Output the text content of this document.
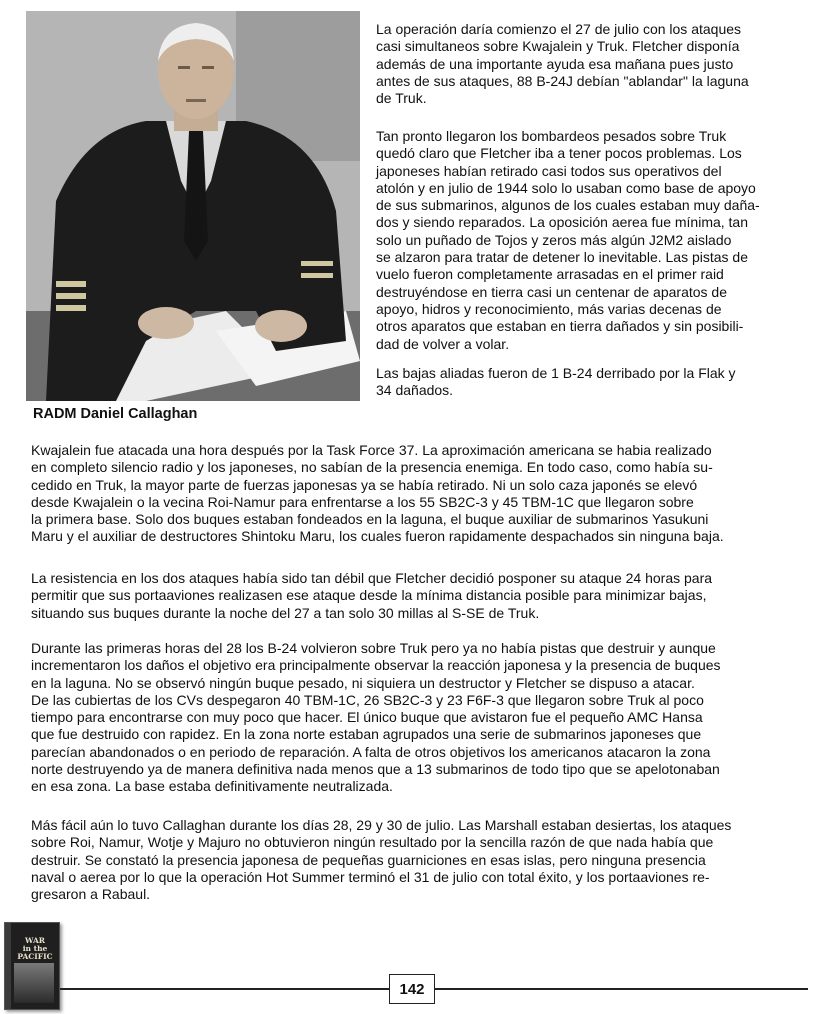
RADM Daniel Callaghan

La operación daría comienzo el 27 de julio con los ataques
casi simultaneos sobre Kwajalein y Truk. Fletcher disponía
además de una importante ayuda esa mañana pues justo
antes de sus ataques, 88 B-24J debían "ablandar" la laguna
de Truk.

Tan pronto llegaron los bombardeos pesados sobre Truk
quedó claro que Fletcher iba a tener pocos problemas. Los
japoneses habían retirado casi todos sus operativos del
atolón y en julio de 1944 solo lo usaban como base de apoyo
de sus submarinos, algunos de los cuales estaban muy daña-
dos y siendo reparados. La oposición aerea fue mínima, tan
solo un puñado de Tojos y zeros más algún J2M2 aislado
se alzaron para tratar de detener lo inevitable. Las pistas de
vuelo fueron completamente arrasadas en el primer raid
destruyéndose en tierra casi un centenar de aparatos de
apoyo, hidros y reconocimiento, más varias decenas de
otros aparatos que estaban en tierra dañados y sin posibili-
dad de volver a volar.

Las bajas aliadas fueron de 1 B-24 derribado por la Flak y
34 dañados.

Kwajalein fue atacada una hora después por la Task Force 37. La aproximación americana se habia realizado
en completo silencio radio y los japoneses, no sabían de la presencia enemiga. En todo caso, como había su-
cedido en Truk, la mayor parte de fuerzas japonesas ya se había retirado. Ni un solo caza japonés se elevó
desde Kwajalein o la vecina Roi-Namur para enfrentarse a los 55 SB2C-3 y 45 TBM-1C que llegaron sobre
la primera base. Solo dos buques estaban fondeados en la laguna, el buque auxiliar de submarinos Yasukuni
Maru y el auxiliar de destructores Shintoku Maru, los cuales fueron rapidamente despachados sin ninguna baja.

La resistencia en los dos ataques había sido tan débil que Fletcher decidió posponer su ataque 24 horas para
permitir que sus portaaviones realizasen ese ataque desde la mínima distancia posible para minimizar bajas,
situando sus buques durante la noche del 27 a tan solo 30 millas al S-SE de Truk.

Durante las primeras horas del 28 los B-24 volvieron sobre Truk pero ya no había pistas que destruir y aunque
incrementaron los daños el objetivo era principalmente observar la reacción japonesa y la presencia de buques
en la laguna. No se observó ningún buque pesado, ni siquiera un destructor y Fletcher se dispuso a atacar.
De las cubiertas de los CVs despegaron 40 TBM-1C, 26 SB2C-3 y 23 F6F-3 que llegaron sobre Truk al poco
tiempo para encontrarse con muy poco que hacer. El único buque que avistaron fue el pequeño AMC Hansa
que fue destruido con rapidez. En la zona norte estaban agrupados una serie de submarinos japoneses que
parecían abandonados o en periodo de reparación. A falta de otros objetivos los americanos atacaron la zona
norte destruyendo ya de manera definitiva nada menos que a 13 submarinos de todo tipo que se apelotonaban
en esa zona. La base estaba definitivamente neutralizada.

Más fácil aún lo tuvo Callaghan durante los días 28, 29 y 30 de julio. Las Marshall estaban desiertas, los ataques
sobre Roi, Namur, Wotje y Majuro no obtuvieron ningún resultado por la sencilla razón de que nada había que
destruir. Se constató la presencia japonesa de pequeñas guarniciones en esas islas, pero ninguna presencia
naval o aerea por lo que la operación Hot Summer terminó el 31 de julio con total éxito, y los portaaviones re-
gresaron a Rabaul.

WAR
in the
PACIFIC
142
